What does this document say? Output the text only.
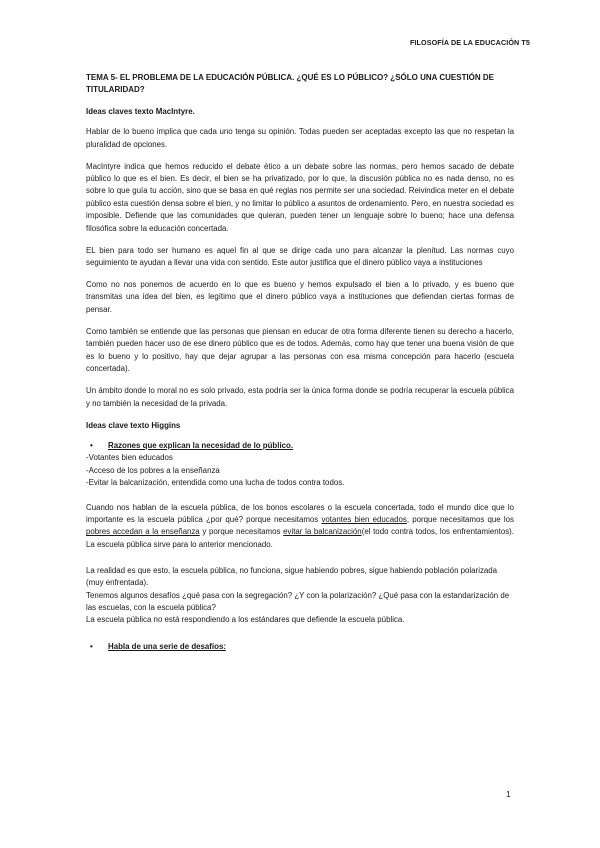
FILOSOFÍA DE LA EDUCACIÓN T5

TEMA 5- EL PROBLEMA DE LA EDUCACIÓN PÚBLICA. ¿QUÉ ES LO PÚBLICO? ¿SÓLO UNA CUESTIÓN DE TITULARIDAD?

Ideas claves texto MacIntyre.

Hablar de lo bueno implica que cada uno tenga su opinión. Todas pueden ser aceptadas excepto las que no respetan la pluralidad de opciones.

MacIntyre indica que hemos reducido el debate ético a un debate sobre las normas, pero hemos sacado de debate público lo que es el bien. Es decir, el bien se ha privatizado, por lo que, la discusión pública no es nada denso, no es sobre lo que guía tu acción, sino que se basa en qué reglas nos permite ser una sociedad. Reivindica meter en el debate público esta cuestión densa sobre el bien, y no limitar lo público a asuntos de ordenamiento. Pero, en nuestra sociedad es imposible. Defiende que las comunidades que quieran, pueden tener un lenguaje sobre lo bueno; hace una defensa filosófica sobre la educación concertada.

EL bien para todo ser humano es aquel fin al que se dirige cada uno para alcanzar la plenitud. Las normas cuyo seguimiento te ayudan a llevar una vida con sentido. Este autor justifica que el dinero público vaya a instituciones

Como no nos ponemos de acuerdo en lo que es bueno y hemos expulsado el bien a lo privado, y es bueno que transmitas una idea del bien, es legítimo que el dinero público vaya a instituciones que defiendan ciertas formas de pensar.

Como también se entiende que las personas que piensan en educar de otra forma diferente tienen su derecho a hacerlo, también pueden hacer uso de ese dinero público que es de todos. Además, como hay que tener una buena visión de que es lo bueno y lo positivo, hay que dejar agrupar a las personas con esa misma concepción para hacerlo (escuela concertada).

Un ámbito donde lo moral no es solo privado, esta podría ser la única forma donde se podría recuperar la escuela pública y no también la necesidad de la privada.

Ideas clave texto Higgins

• Razones que explican la necesidad de lo público.

-Votantes bien educados

-Acceso de los pobres a la enseñanza

-Evitar la balcanización, entendida como una lucha de todos contra todos.

Cuando nos hablan de la escuela pública, de los bonos escolares o la escuela concertada, todo el mundo dice que lo importante es la escuela pública ¿por qué? porque necesitamos votantes bien educados, porque necesitamos que los pobres accedan a la enseñanza y porque necesitamos evitar la balcanización(el todo contra todos, los enfrentamientos). La escuela pública sirve para lo anterior mencionado.

La realidad es que esto, la escuela pública, no funciona, sigue habiendo pobres, sigue habiendo población polarizada (muy enfrentada).

Tenemos algunos desafíos ¿qué pasa con la segregación? ¿Y con la polarización? ¿Qué pasa con la estandarización de las escuelas, con la escuela pública?

La escuela pública no está respondiendo a los estándares que defiende la escuela pública.

• Habla de una serie de desafíos:

1
